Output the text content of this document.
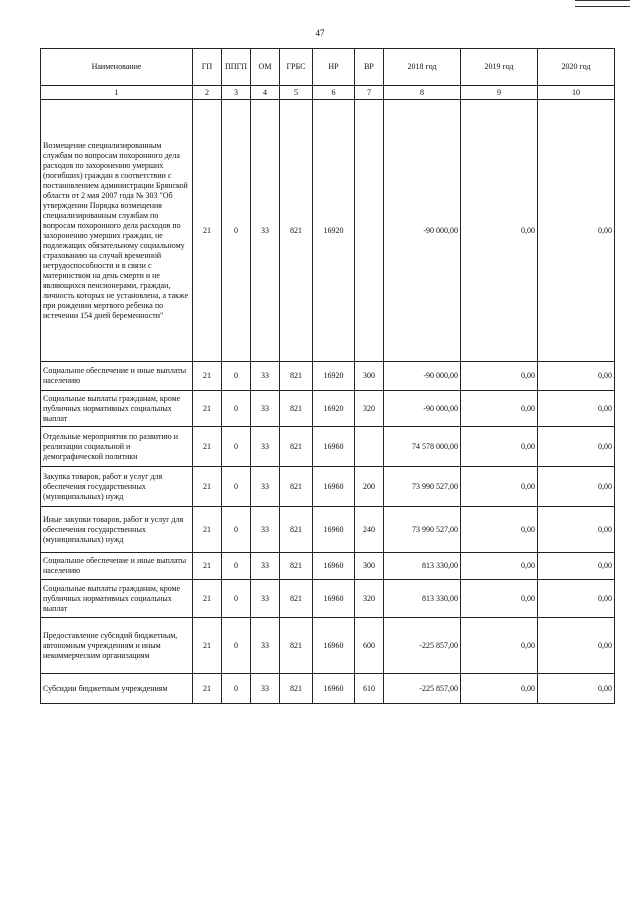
47
Наименование	ГП	ППГП	ОМ	ГРБС	НР	ВР	2018 год	2019 год	2020 год
1	2	3	4	5	6	7	8	9	10
Возмещение специализированным службам по вопросам похоронного дела расходов по захоронению умерших (погибших) граждан в соответствии с постановлением администрации Брянской области от 2 мая 2007 года № 303 "Об утверждении Порядка возмещения специализированным службам по вопросам похоронного дела расходов по захоронению умерших граждан, не подлежащих обязательному социальному страхованию на случай временной нетрудоспособности и в связи с материнством на день смерти и не являющихся пенсионерами, граждан, личность которых не установлена, а также при рождении мертвого ребенка по истечении 154 дней беременности"	21	0	33	821	16920		-90 000,00	0,00	0,00
Социальное обеспечение и иные выплаты населению	21	0	33	821	16920	300	-90 000,00	0,00	0,00
Социальные выплаты гражданам, кроме публичных нормативных социальных выплат	21	0	33	821	16920	320	-90 000,00	0,00	0,00
Отдельные мероприятия по развитию и реализации социальной и демографической политики	21	0	33	821	16960		74 578 000,00	0,00	0,00
Закупка товаров, работ и услуг для обеспечения государственных (муниципальных) нужд	21	0	33	821	16960	200	73 990 527,00	0,00	0,00
Иные закупки товаров, работ и услуг для обеспечения государственных (муниципальных) нужд	21	0	33	821	16960	240	73 990 527,00	0,00	0,00
Социальное обеспечение и иные выплаты населению	21	0	33	821	16960	300	813 330,00	0,00	0,00
Социальные выплаты гражданам, кроме публичных нормативных социальных выплат	21	0	33	821	16960	320	813 330,00	0,00	0,00
Предоставление субсидий бюджетным, автономным учреждениям и иным некоммерческим организациям	21	0	33	821	16960	600	-225 857,00	0,00	0,00
Субсидии бюджетным учреждениям	21	0	33	821	16960	610	-225 857,00	0,00	0,00
